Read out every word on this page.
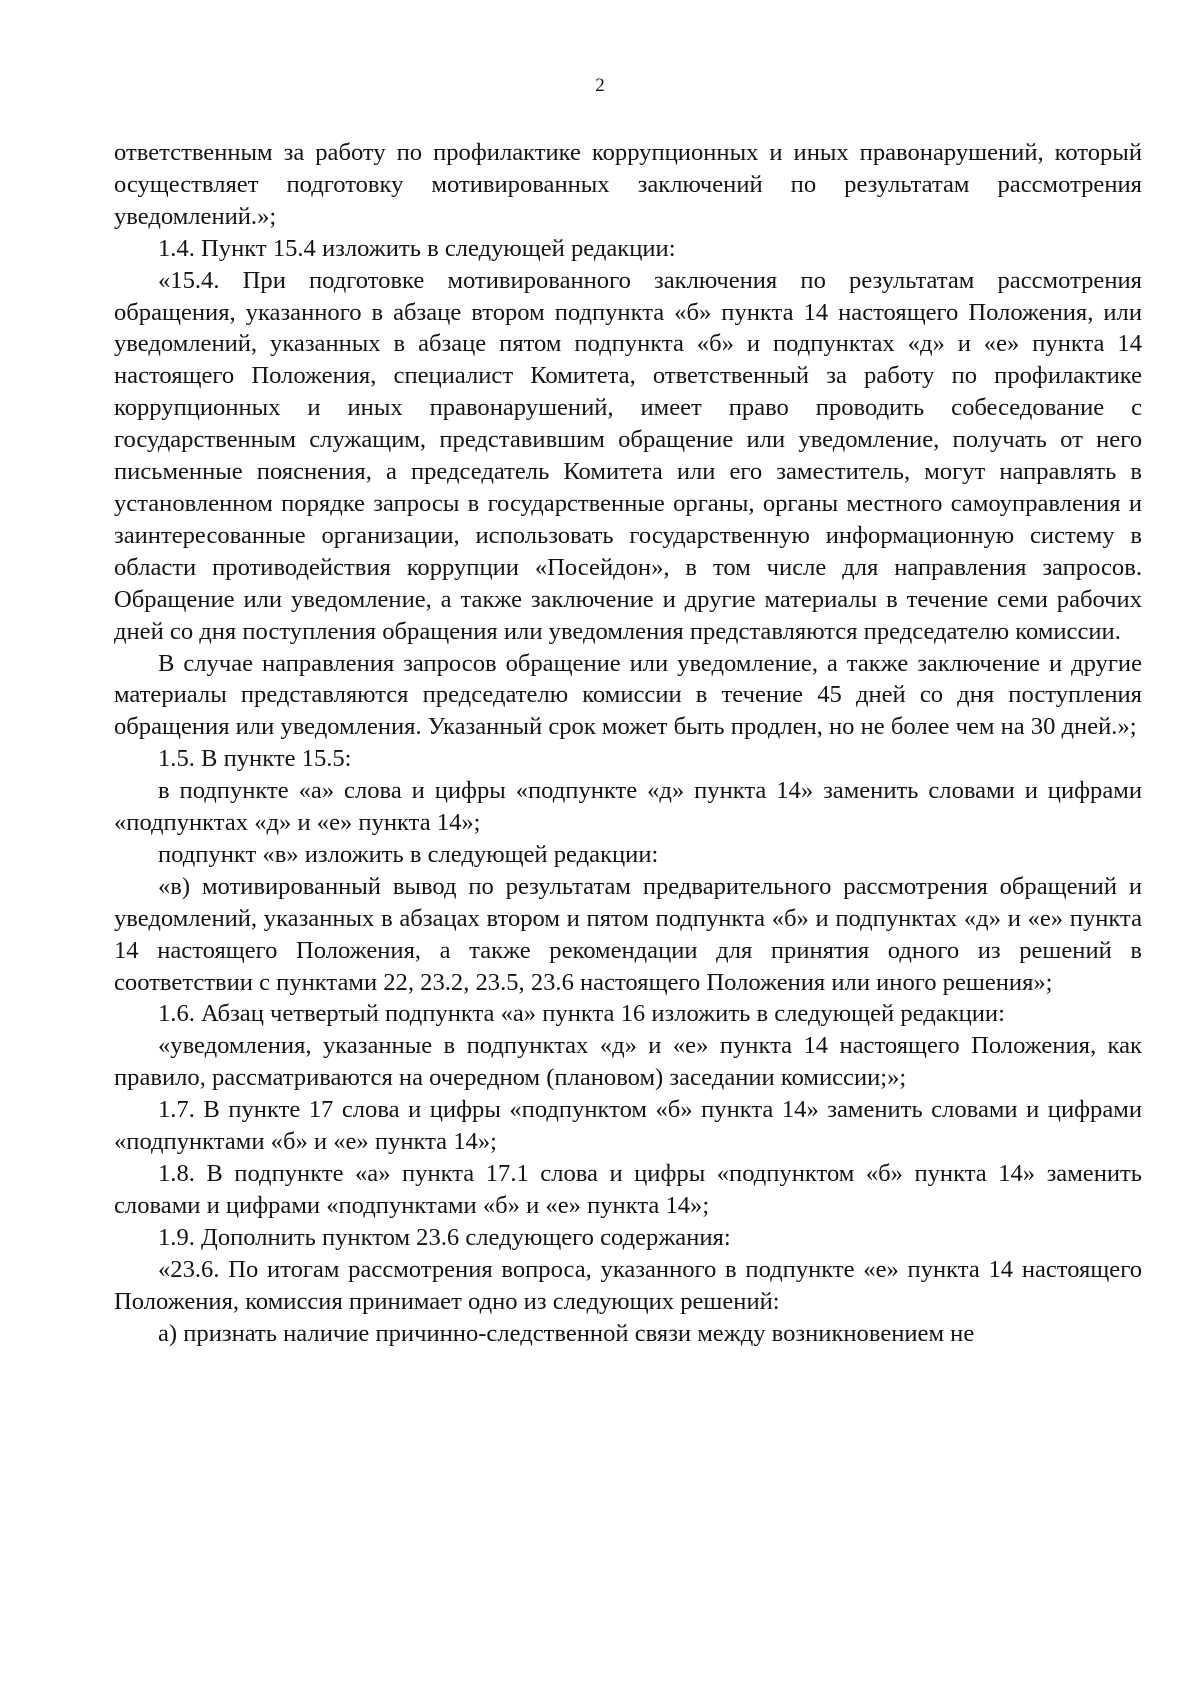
2

ответственным за работу по профилактике коррупционных и иных правонарушений, который осуществляет подготовку мотивированных заключений по результатам рассмотрения уведомлений.»;

1.4. Пункт 15.4 изложить в следующей редакции:

«15.4. При подготовке мотивированного заключения по результатам рассмотрения обращения, указанного в абзаце втором подпункта «б» пункта 14 настоящего Положения, или уведомлений, указанных в абзаце пятом подпункта «б» и подпунктах «д» и «е» пункта 14 настоящего Положения, специалист Комитета, ответственный за работу по профилактике коррупционных и иных правонарушений, имеет право проводить собеседование с государственным служащим, представившим обращение или уведомление, получать от него письменные пояснения, а председатель Комитета или его заместитель, могут направлять в установленном порядке запросы в государственные органы, органы местного самоуправления и заинтересованные организации, использовать государственную информационную систему в области противодействия коррупции «Посейдон», в том числе для направления запросов. Обращение или уведомление, а также заключение и другие материалы в течение семи рабочих дней со дня поступления обращения или уведомления представляются председателю комиссии.

В случае направления запросов обращение или уведомление, а также заключение и другие материалы представляются председателю комиссии в течение 45 дней со дня поступления обращения или уведомления. Указанный срок может быть продлен, но не более чем на 30 дней.»;

1.5. В пункте 15.5:

в подпункте «а» слова и цифры «подпункте «д» пункта 14» заменить словами и цифрами «подпунктах «д» и «е» пункта 14»;

подпункт «в» изложить в следующей редакции:

«в) мотивированный вывод по результатам предварительного рассмотрения обращений и уведомлений, указанных в абзацах втором и пятом подпункта «б» и подпунктах «д» и «е» пункта 14 настоящего Положения, а также рекомендации для принятия одного из решений в соответствии с пунктами 22, 23.2, 23.5, 23.6 настоящего Положения или иного решения»;

1.6. Абзац четвертый подпункта «а» пункта 16 изложить в следующей редакции:

«уведомления, указанные в подпунктах «д» и «е» пункта 14 настоящего Положения, как правило, рассматриваются на очередном (плановом) заседании комиссии;»;

1.7. В пункте 17 слова и цифры «подпунктом «б» пункта 14» заменить словами и цифрами «подпунктами «б» и «е» пункта 14»;

1.8. В подпункте «а» пункта 17.1 слова и цифры «подпунктом «б» пункта 14» заменить словами и цифрами «подпунктами «б» и «е» пункта 14»;

1.9. Дополнить пунктом 23.6 следующего содержания:

«23.6. По итогам рассмотрения вопроса, указанного в подпункте «е» пункта 14 настоящего Положения, комиссия принимает одно из следующих решений:

а) признать наличие причинно-следственной связи между возникновением не
